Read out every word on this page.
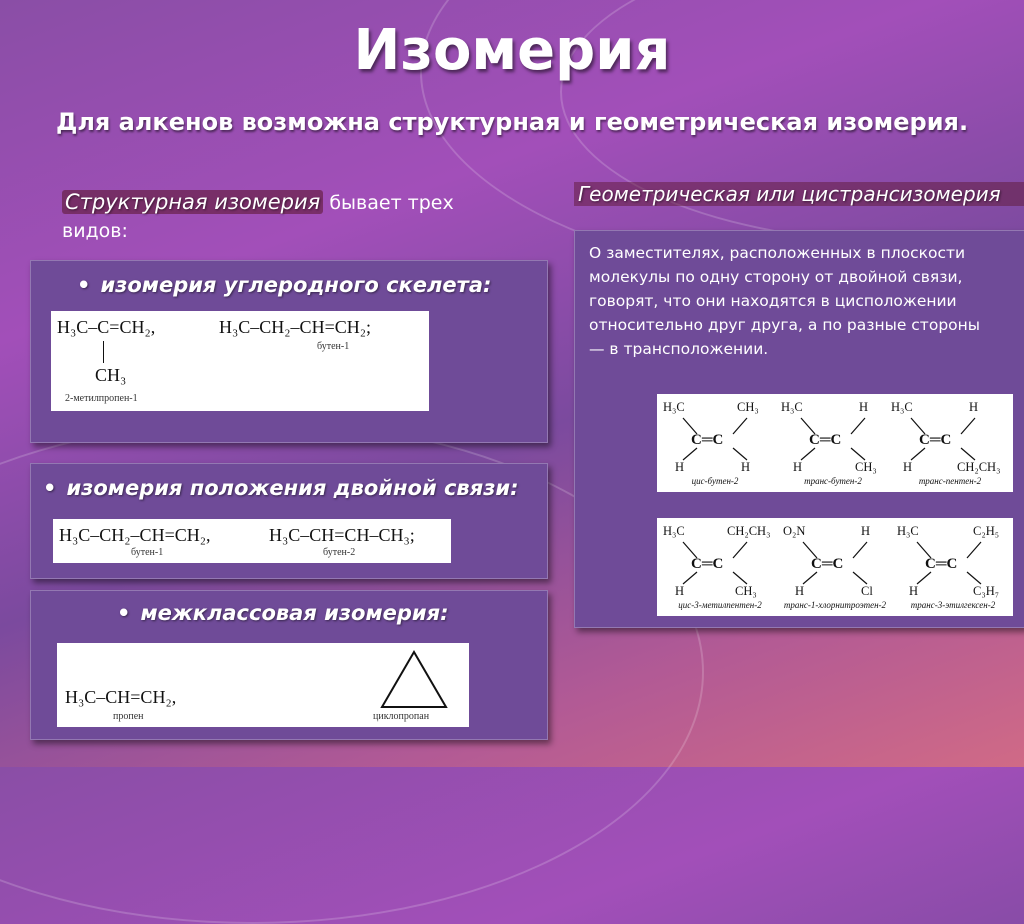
Изомерия
Для алкенов возможна структурная и геометрическая изомерия.
Структурная изомерия бывает трех видов:
Геометрическая или цистрансизомерия
• изомерия углеродного скелета:
H₃C–C=CH₂,
CH₃
2-метилпропен-1
H₃C–CH₂–CH=CH₂;
бутен-1
• изомерия положения двойной связи:
H₃C–CH₂–CH=CH₂,
бутен-1
H₃C–CH=CH–CH₃;
бутен-2
• межклассовая изомерия:
H₃C–CH=CH₂,
пропен	циклопропан
О заместителях, расположенных в плоскости
молекулы по одну сторону от двойной связи,
говорят, что они находятся в цисположении
относительно друг друга, а по разные стороны
— в трансположении.
H₃C	CH₃
C═C
H	H
цис-бутен-2
H₃C	H
C═C
H	CH₃
транс-бутен-2
H₃C	H
C═C
H	CH₂CH₃
транс-пентен-2
H₃C	CH₂CH₃
C═C
H	CH₃
цис-3-метилпентен-2
O₂N	H
C═C
H	Cl
транс-1-хлорнитроэтен-2
H₃C	C₂H₅
C═C
H	C₃H₇
транс-3-этилгексен-2
